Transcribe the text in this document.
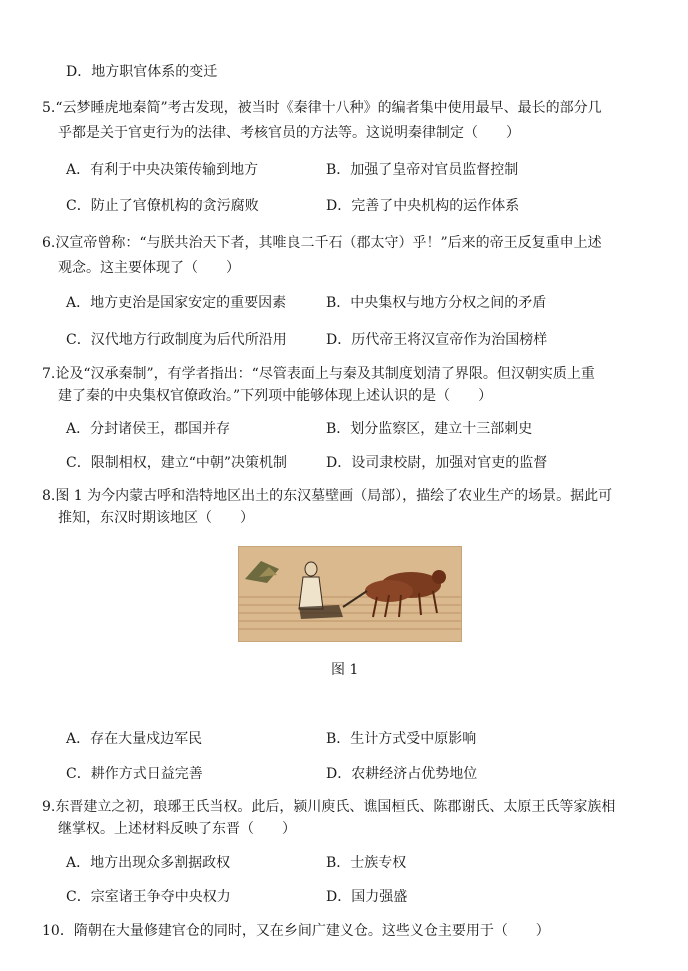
D．地方职官体系的变迁
5.“云梦睡虎地秦简”考古发现，被当时《秦律十八种》的编者集中使用最早、最长的部分几
乎都是关于官吏行为的法律、考核官员的方法等。这说明秦律制定（　　）
A．有利于中央决策传输到地方	B．加强了皇帝对官员监督控制
C．防止了官僚机构的贪污腐败	D．完善了中央机构的运作体系
6.汉宣帝曾称：“与朕共治天下者，其唯良二千石（郡太守）乎！”后来的帝王反复重申上述
观念。这主要体现了（　　）
A．地方吏治是国家安定的重要因素	B．中央集权与地方分权之间的矛盾
C．汉代地方行政制度为后代所沿用	D．历代帝王将汉宣帝作为治国榜样
7.论及“汉承秦制”，有学者指出：“尽管表面上与秦及其制度划清了界限。但汉朝实质上重
建了秦的中央集权官僚政治。”下列项中能够体现上述认识的是（　　）
A．分封诸侯王，郡国并存	B．划分监察区，建立十三部刺史
C．限制相权，建立“中朝”决策机制	D．设司隶校尉，加强对官吏的监督
8.图 1 为今内蒙古呼和浩特地区出土的东汉墓壁画（局部），描绘了农业生产的场景。据此可
推知，东汉时期该地区（　　）
图 1
A．存在大量戍边军民	B．生计方式受中原影响
C．耕作方式日益完善	D．农耕经济占优势地位
9.东晋建立之初，琅琊王氏当权。此后，颍川庾氏、谯国桓氏、陈郡谢氏、太原王氏等家族相
继掌权。上述材料反映了东晋（　　）
A．地方出现众多割据政权	B．士族专权
C．宗室诸王争夺中央权力	D．国力强盛
10．隋朝在大量修建官仓的同时，又在乡间广建义仓。这些义仓主要用于（　　）
